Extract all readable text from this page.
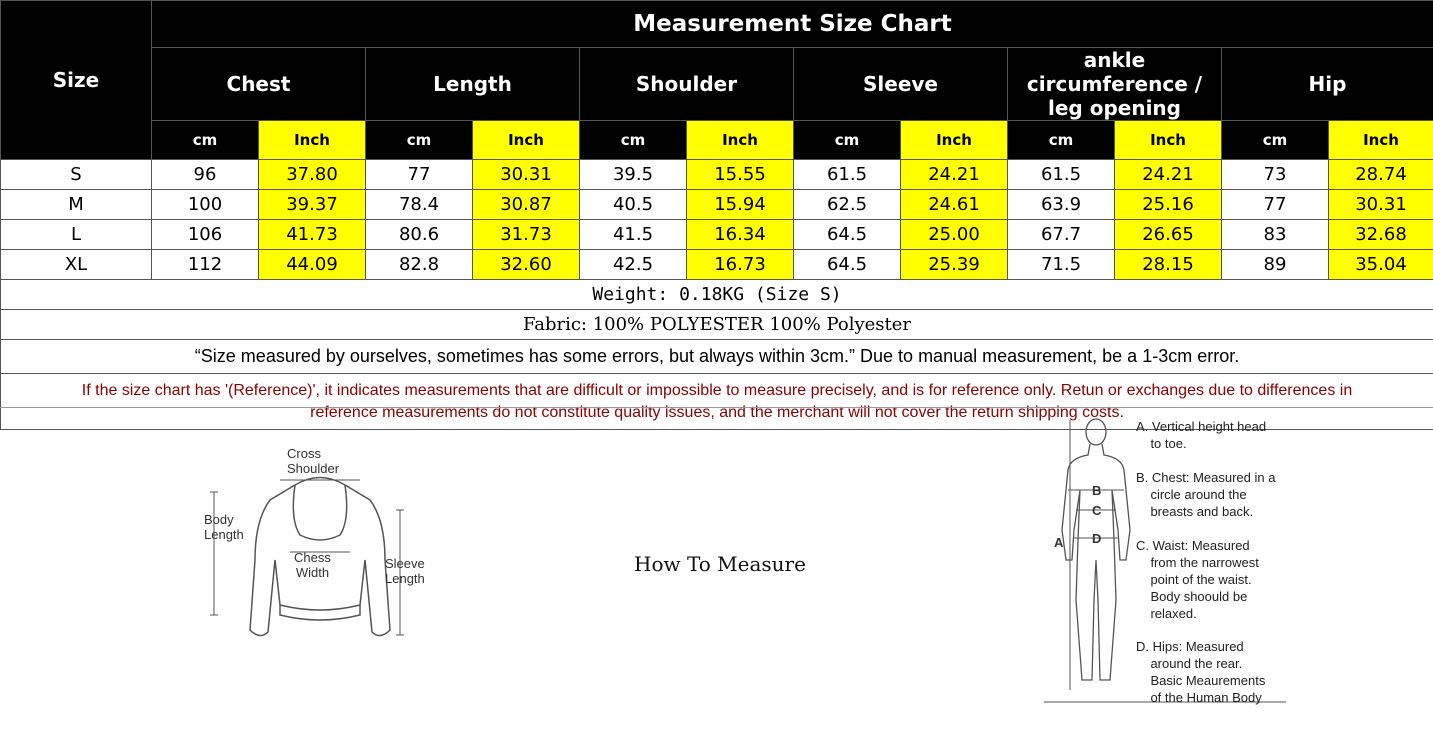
Size	Measurement Size Chart											
	Chest		Length		Shoulder		Sleeve		ankle circumference / leg opening		Hip	
	cm	Inch	cm	Inch	cm	Inch	cm	Inch	cm	Inch	cm	Inch
S	96	37.80	77	30.31	39.5	15.55	61.5	24.21	61.5	24.21	73	28.74
M	100	39.37	78.4	30.87	40.5	15.94	62.5	24.61	63.9	25.16	77	30.31
L	106	41.73	80.6	31.73	41.5	16.34	64.5	25.00	67.7	26.65	83	32.68
XL	112	44.09	82.8	32.60	42.5	16.73	64.5	25.39	71.5	28.15	89	35.04
Weight: 0.18KG (Size S)												
Fabric: 100% POLYESTER 100% Polyester												
“Size measured by ourselves, sometimes has some errors, but always within 3cm.” Due to manual measurement, be a 1-3cm error.												

If the size chart has '(Reference)', it indicates measurements that are difficult or impossible to measure precisely, and is for reference only. Retun or exchanges due to differences in
reference measurements do not constitute quality issues, and the merchant will not cover the return shipping costs.												
Cross
Shoulder
Body
Length
Chess
Width
Sleeve
Length
How To Measure
A
B
C
D
A. Vertical height head
to toe.
B. Chest: Measured in a
circle around the
breasts and back.
C. Waist: Measured
from the narrowest
point of the waist.
Body shoould be
relaxed.
D. Hips: Measured
around the rear.
Basic Meaurements
of the Human Body
